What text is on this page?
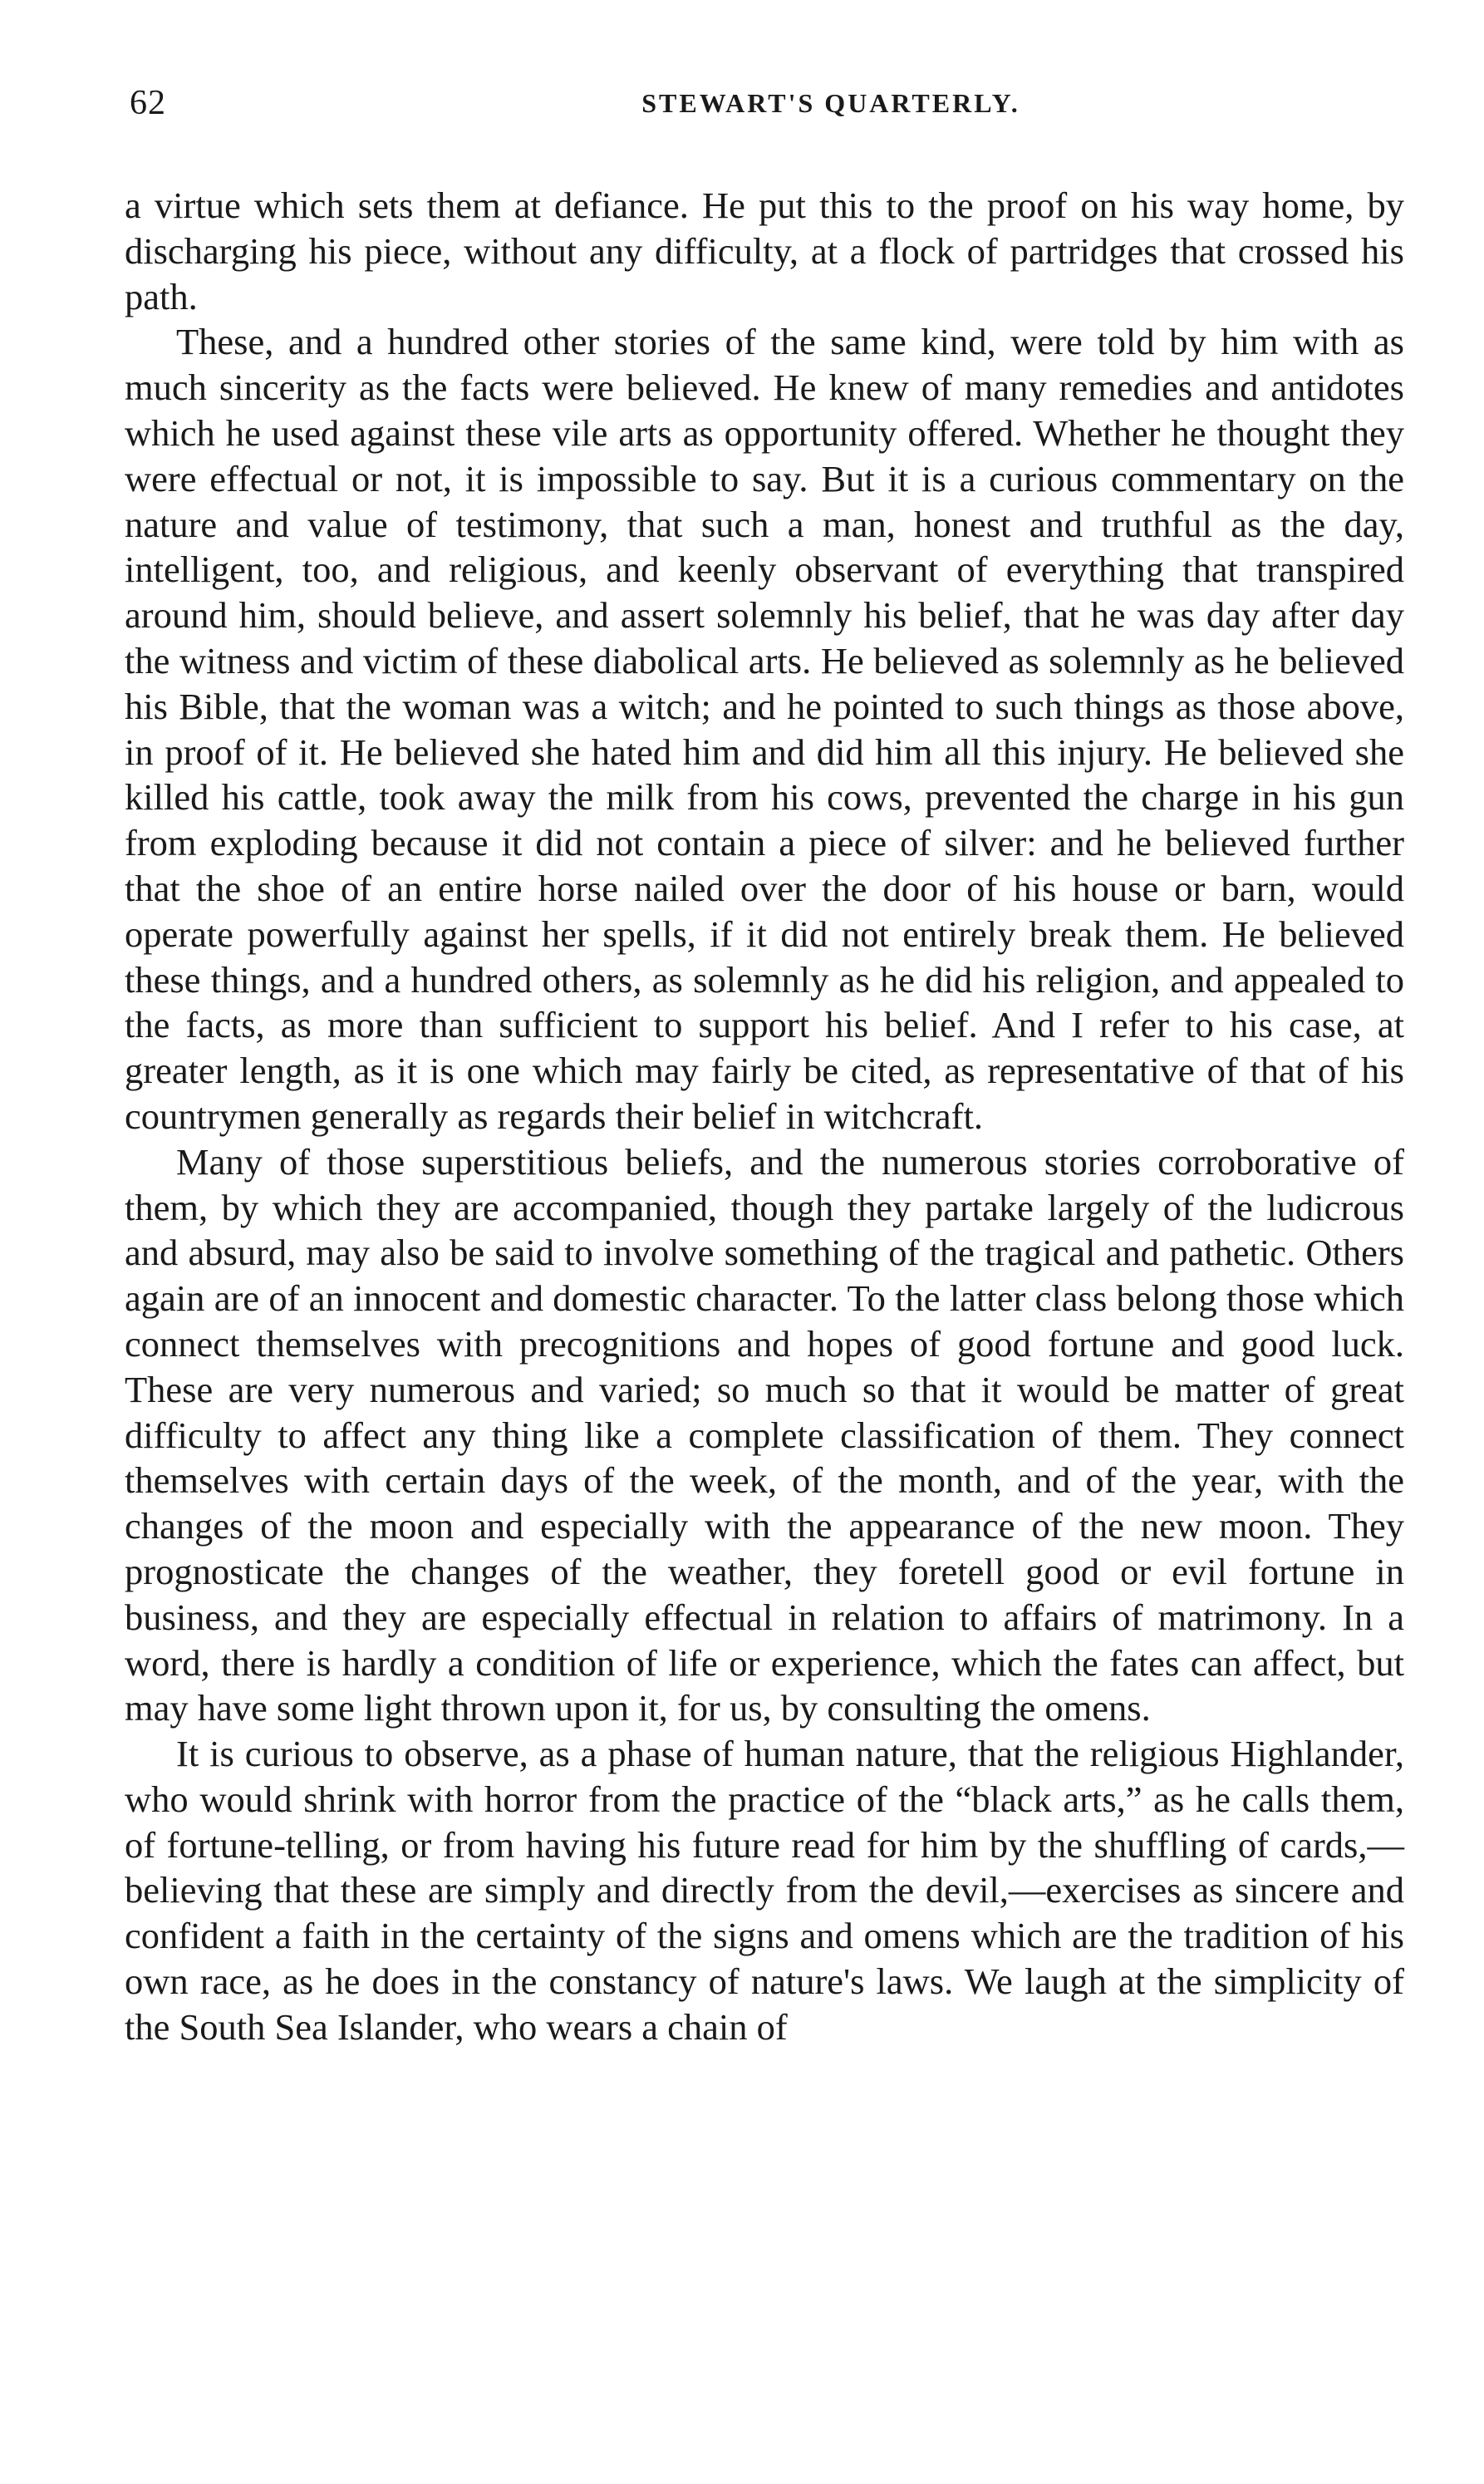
62	STEWART'S QUARTERLY.

a virtue which sets them at defiance. He put this to the proof on his way home, by discharging his piece, without any difficulty, at a flock of partridges that crossed his path.

These, and a hundred other stories of the same kind, were told by him with as much sincerity as the facts were believed. He knew of many remedies and antidotes which he used against these vile arts as opportunity offered. Whether he thought they were effectual or not, it is impossible to say. But it is a curious commentary on the nature and value of testimony, that such a man, honest and truthful as the day, intelligent, too, and religious, and keenly observant of everything that transpired around him, should believe, and assert solemnly his belief, that he was day after day the witness and victim of these diabolical arts. He believed as solemnly as he believed his Bible, that the woman was a witch; and he pointed to such things as those above, in proof of it. He believed she hated him and did him all this injury. He believed she killed his cattle, took away the milk from his cows, prevented the charge in his gun from exploding because it did not contain a piece of silver: and he believed further that the shoe of an entire horse nailed over the door of his house or barn, would operate powerfully against her spells, if it did not entirely break them. He believed these things, and a hundred others, as solemnly as he did his religion, and appealed to the facts, as more than sufficient to support his belief. And I refer to his case, at greater length, as it is one which may fairly be cited, as representative of that of his countrymen generally as regards their belief in witchcraft.

Many of those superstitious beliefs, and the numerous stories corroborative of them, by which they are accompanied, though they partake largely of the ludicrous and absurd, may also be said to involve something of the tragical and pathetic. Others again are of an innocent and domestic character. To the latter class belong those which connect themselves with precognitions and hopes of good fortune and good luck. These are very numerous and varied; so much so that it would be matter of great difficulty to affect any thing like a complete classification of them. They connect themselves with certain days of the week, of the month, and of the year, with the changes of the moon and especially with the appearance of the new moon. They prognosticate the changes of the weather, they foretell good or evil fortune in business, and they are especially effectual in relation to affairs of matrimony. In a word, there is hardly a condition of life or experience, which the fates can affect, but may have some light thrown upon it, for us, by consulting the omens.

It is curious to observe, as a phase of human nature, that the religious Highlander, who would shrink with horror from the practice of the “black arts,” as he calls them, of fortune-telling, or from having his future read for him by the shuffling of cards,—believing that these are simply and directly from the devil,—exercises as sincere and confident a faith in the certainty of the signs and omens which are the tradition of his own race, as he does in the constancy of nature's laws. We laugh at the simplicity of the South Sea Islander, who wears a chain of
